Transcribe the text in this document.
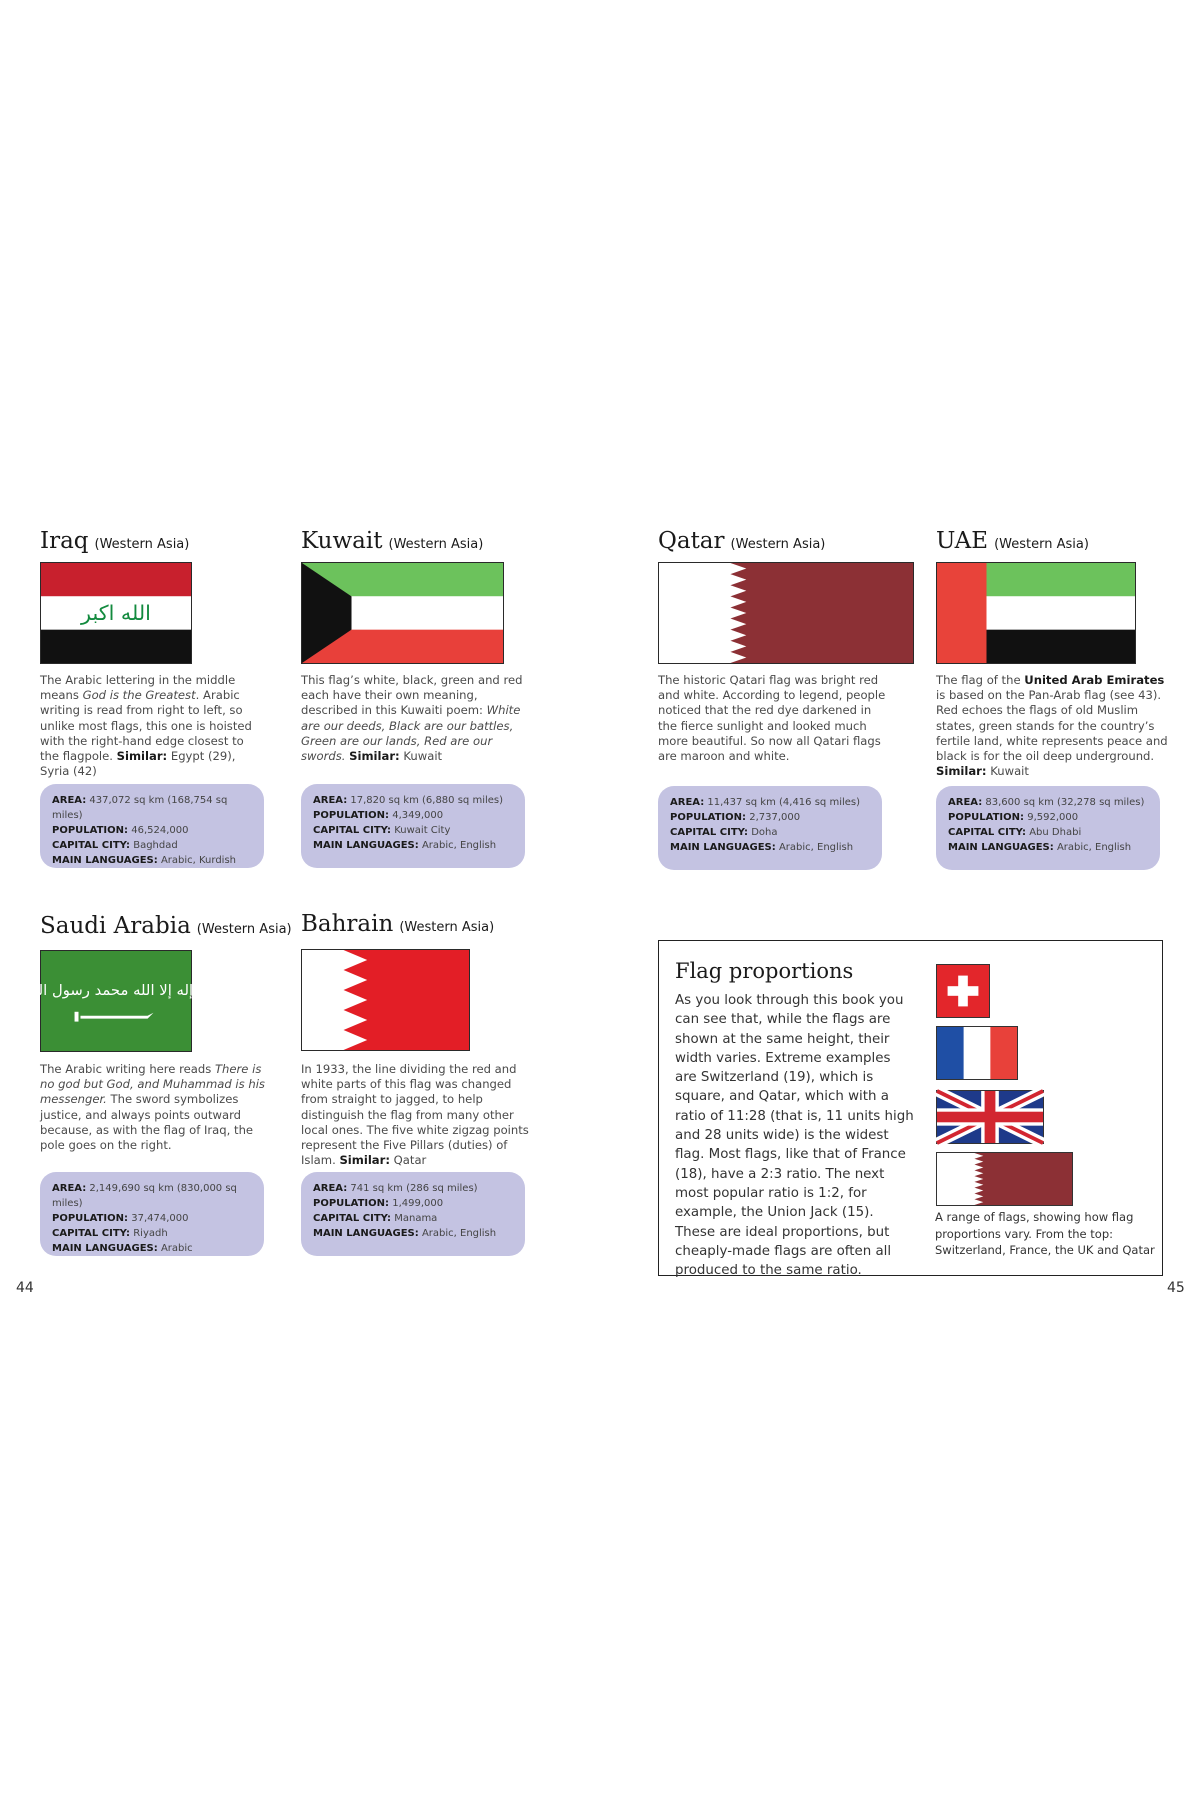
Iraq (Western Asia)
الله اكبر
The Arabic lettering in the middle means God is the Greatest. Arabic writing is read from right to left, so unlike most flags, this one is hoisted with the right-hand edge closest to the flagpole. Similar: Egypt (29), Syria (42)
AREA: 437,072 sq km (168,754 sq miles)
POPULATION: 46,524,000
CAPITAL CITY: Baghdad
MAIN LANGUAGES: Arabic, Kurdish
Kuwait (Western Asia)
This flag’s white, black, green and red each have their own meaning, described in this Kuwaiti poem: White are our deeds, Black are our battles, Green are our lands, Red are our swords. Similar: Kuwait
AREA: 17,820 sq km (6,880 sq miles)
POPULATION: 4,349,000
CAPITAL CITY: Kuwait City
MAIN LANGUAGES: Arabic, English
Saudi Arabia (Western Asia)
لا إله إلا الله محمد رسول الله
The Arabic writing here reads There is no god but God, and Muhammad is his messenger. The sword symbolizes justice, and always points outward because, as with the flag of Iraq, the pole goes on the right.
AREA: 2,149,690 sq km (830,000 sq miles)
POPULATION: 37,474,000
CAPITAL CITY: Riyadh
MAIN LANGUAGES: Arabic
Bahrain (Western Asia)
In 1933, the line dividing the red and white parts of this flag was changed from straight to jagged, to help distinguish the flag from many other local ones. The five white zigzag points represent the Five Pillars (duties) of Islam. Similar: Qatar
AREA: 741 sq km (286 sq miles)
POPULATION: 1,499,000
CAPITAL CITY: Manama
MAIN LANGUAGES: Arabic, English
44
Qatar (Western Asia)
The historic Qatari flag was bright red and white. According to legend, people noticed that the red dye darkened in the fierce sunlight and looked much more beautiful. So now all Qatari flags are maroon and white.
AREA: 11,437 sq km (4,416 sq miles)
POPULATION: 2,737,000
CAPITAL CITY: Doha
MAIN LANGUAGES: Arabic, English
UAE (Western Asia)
The flag of the United Arab Emirates is based on the Pan-Arab flag (see 43). Red echoes the flags of old Muslim states, green stands for the country’s fertile land, white represents peace and black is for the oil deep underground. Similar: Kuwait
AREA: 83,600 sq km (32,278 sq miles)
POPULATION: 9,592,000
CAPITAL CITY: Abu Dhabi
MAIN LANGUAGES: Arabic, English
Flag proportions
As you look through this book you can see that, while the flags are shown at the same height, their width varies. Extreme examples are Switzerland (19), which is square, and Qatar, which with a ratio of 11:28 (that is, 11 units high and 28 units wide) is the widest flag. Most flags, like that of France (18), have a 2:3 ratio. The next most popular ratio is 1:2, for example, the Union Jack (15). These are ideal proportions, but cheaply-made flags are often all produced to the same ratio.
A range of flags, showing how flag proportions vary. From the top: Switzerland, France, the UK and Qatar
45
